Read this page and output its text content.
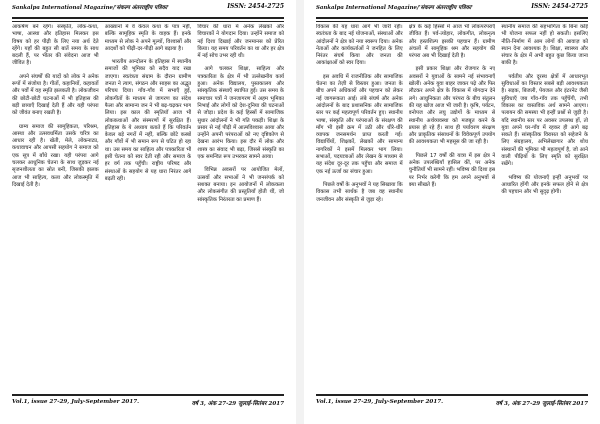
Sankalpa International Magazine/'संकल्प अंतरराष्ट्रीय पत्रिका'	ISSN: 2454-2725

आकर्षण बने रहेंगे। संस्कृति, लोक-कथा, भाषा, आस्था और इतिहास मिलकर इस विषय को हर पीढ़ी के लिए नया अर्थ देते रहेंगे। यहाँ की बहुत सी बातें समय के साथ बदली हैं, पर भीतर की संवेदना आज भी जीवित है।

अपने संघर्षों की यादों को लोक ने अनेक रूपों में संजोया है। गीतों, कहानियों, कहावतों और पर्वों में वह स्मृति झलकती है। लोकजीवन की छोटी-छोटी घटनाओं में भी इतिहास की बड़ी छायाएँ दिखाई देती हैं और यही परंपरा को जीवंत बनाए रखती है।

ग्राम्य समाज की सामूहिकता, परिश्रम, आस्था और उत्सवधर्मिता उसके चरित्र का आधार रही है। खेती, मेले, लोकनाट्य, कथावाचन और आपसी सहयोग ने समाज को एक सूत्र में बाँधे रखा। यही परंपरा आगे चलकर आधुनिक चेतना के साथ जुड़कर नई सृजनशीलता का स्रोत बनी, जिसकी झलक आज भी साहित्य, कला और लोकस्मृति में दिखाई देती है।

आख्यानों में वे केवल कथा के पात्र नहीं, बल्कि सामूहिक स्मृति के वाहक हैं। इनके माध्यम से लोक ने अपने मूल्यों, विश्वासों और आदर्शों को पीढ़ी-दर-पीढ़ी आगे बढ़ाया है।

भारतीय आन्दोलन के इतिहास में स्थानीय समाजों की भूमिका को सदैव याद रखा जाएगा। स्वतंत्रता संग्राम के दौरान ग्रामीण जनता ने त्याग, संगठन और साहस का अद्भुत परिचय दिया। गाँव-गाँव में सभाएँ हुईं, लोकगीतों के माध्यम से जागरण का संदेश फैला और सामान्य जन ने भी बढ़-चढ़कर भाग लिया। इस काल की स्मृतियाँ आज भी लोककथाओं और संस्मरणों में सुरक्षित हैं। इतिहास के ये अध्याय बताते हैं कि परिवर्तन केवल बड़े नगरों में नहीं, बल्कि छोटे कस्बों और गाँवों में भी समान रूप से घटित हो रहा था। उस समय का साहित्य और पत्रकारिता भी इसी चेतना को स्वर देती रही और समाज के हर वर्ग तक पहुँची। राष्ट्रीय परिषद और संस्थाओं के सहयोग से यह धारा निरंतर आगे बढ़ती रही।

विचार की धारा में अनेक लेखकों और विचारकों ने योगदान दिया। उन्होंने समाज को नई दिशा दिखाई और जनमानस को प्रेरित किया। यह समय परिवर्तन का था और हर क्षेत्र में नई सोच उभर रही थी।

आगे चलकर शिक्षा, साहित्य और पत्रकारिता के क्षेत्र में भी उल्लेखनीय कार्य हुआ। अनेक विद्यालय, पुस्तकालय और सांस्कृतिक संस्थाएँ स्थापित हुईं। उस समय के समाचार पत्रों ने जनजागरण में अहम भूमिका निभाई और लोगों को देश-दुनिया की घटनाओं से जोड़ा। प्रदेश के कई हिस्सों में सामाजिक सुधार आंदोलनों ने भी गति पकड़ी। शिक्षा के प्रसार से नई पीढ़ी में आत्मविश्वास आया और उन्होंने अपनी परंपराओं को नए दृष्टिकोण से देखना आरंभ किया। इस दौर में लोक और शास्त्र का संवाद भी बढ़ा, जिससे संस्कृति का एक समन्वित रूप उभरकर सामने आया।

विभिन्न अवसरों पर आयोजित मेलों, उत्सवों और सभाओं ने भी जनसंपर्क को सशक्त बनाया। इन आयोजनों में लोककला और लोकसंगीत की प्रस्तुतियाँ होती थीं, जो सांस्कृतिक निरंतरता का प्रमाण हैं।

Vol.1, issue 27-29, July-September 2017.	वर्ष 3, अंक 27-29 जुलाई-सितंबर 2017
Sankalpa International Magazine/'संकल्प अंतरराष्ट्रीय पत्रिका'	ISSN: 2454-2725

विकास की यह धारा आगे भी जारी रही। स्वतंत्रता के बाद नई योजनाओं, संस्थाओं और आंदोलनों ने क्षेत्र को नया स्वरूप दिया। अनेक नेताओं और कार्यकर्ताओं ने जनहित के लिए निरंतर संघर्ष किया और जनता की आकांक्षाओं को स्वर दिया।

इस अवधि में राजनीतिक और सामाजिक चेतना का तेज़ी से विस्तार हुआ। जनता के बीच अपने अधिकारों और पहचान को लेकर नई जागरूकता आई। लंबे संघर्ष और अनेक आंदोलनों के बाद प्रशासनिक और सामाजिक स्तर पर कई महत्वपूर्ण परिवर्तन हुए। स्थानीय भाषा, संस्कृति और परंपराओं के संरक्षण की माँग भी इसी क्रम में उठी और धीरे-धीरे व्यापक जनसमर्थन प्राप्त करती गई। विद्यार्थियों, शिक्षकों, लेखकों और सामान्य नागरिकों ने इसमें मिलकर भाग लिया। सभाओं, पदयात्राओं और लेखन के माध्यम से यह संदेश दूर-दूर तक पहुँचा और समाज में एक नई ऊर्जा का संचार हुआ।

पिछले वर्षों के अनुभवों ने यह सिखाया कि विकास तभी सार्थक है जब वह स्थानीय जनजीवन और संस्कृति से जुड़ा रहे।

क्षेत्र के कई हिस्सों में आज भी लोकपरंपराएँ जीवित हैं। पर्व-त्योहार, लोकगीत, लोकनृत्य और हस्तशिल्प इसकी पहचान हैं। ग्रामीण अंचलों में सामूहिक श्रम और सहयोग की परंपरा अब भी दिखाई देती है।

इसी प्रकार शिक्षा और रोजगार के नए अवसरों ने युवाओं के सामने नई संभावनाएँ खोलीं। अनेक युवा बाहर जाकर पढ़े और फिर लौटकर अपने क्षेत्र के विकास में योगदान देने लगे। आधुनिकता और परंपरा के बीच संतुलन की यह खोज आज भी जारी है। कृषि, पर्यटन, वनोपज और लघु उद्योगों के माध्यम से स्थानीय अर्थव्यवस्था को मजबूत करने के प्रयास हो रहे हैं। साथ ही पर्यावरण संरक्षण और प्राकृतिक संसाधनों के विवेकपूर्ण उपयोग की आवश्यकता भी महसूस की जा रही है।

पिछले 17 वर्षों की यात्रा में इस क्षेत्र ने अनेक उपलब्धियाँ हासिल कीं, पर अनेक चुनौतियाँ भी सामने रहीं। भविष्य की दिशा इस पर निर्भर करेगी कि हम अपने अनुभवों से क्या सीखते हैं।

स्थानीय समाज की सहभागिता के बिना कोई भी योजना सफल नहीं हो सकती। इसलिए नीति-निर्माण में आम लोगों की आवाज़ को स्थान देना आवश्यक है। शिक्षा, स्वास्थ्य और संचार के क्षेत्र में अभी बहुत कुछ किया जाना बाकी है।

पर्वतीय और दूरस्थ क्षेत्रों में आधारभूत सुविधाओं का विस्तार सबसे बड़ी आवश्यकता है। सड़क, बिजली, पेयजल और इंटरनेट जैसी सुविधाएँ जब गाँव-गाँव तक पहुँचेंगी, तभी विकास का वास्तविक अर्थ सामने आएगा। पलायन की समस्या भी इन्हीं प्रश्नों से जुड़ी है। यदि स्थानीय स्तर पर अवसर उपलब्ध हों, तो युवा अपने घर-गाँव में रहकर ही आगे बढ़ सकते हैं। सांस्कृतिक विरासत को सहेजने के लिए संग्रहालय, अभिलेखागार और शोध संस्थानों की भूमिका भी महत्वपूर्ण है, जो आने वाली पीढ़ियों के लिए स्मृति को सुरक्षित रखेंगे।

भविष्य की योजनाएँ इन्हीं अनुभवों पर आधारित होंगी और इनके सफल होने से क्षेत्र की पहचान और भी सुदृढ़ होगी।

Vol.1, issue 27-29, July-September 2017.	वर्ष 3, अंक 27-29 जुलाई-सितंबर 2017
